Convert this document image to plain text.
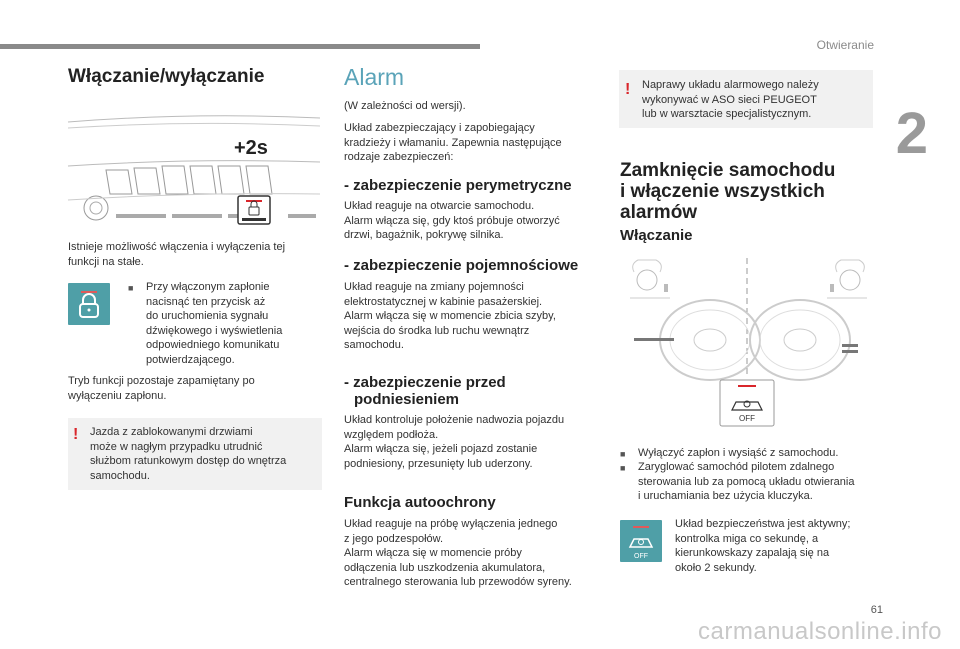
Otwieranie
2
61
carmanualsonline.info
Włączanie/wyłączanie
+2s

Istnieje możliwość włączenia i wyłączenia tej
funkcji na stałe.

■ Przy włączonym zapłonie
nacisnąć ten przycisk aż
do uruchomienia sygnału
dźwiękowego i wyświetlenia
odpowiedniego komunikatu
potwierdzającego.

Tryb funkcji pozostaje zapamiętany po
wyłączeniu zapłonu.

! Jazda z zablokowanymi drzwiami
może w nagłym przypadku utrudnić
służbom ratunkowym dostęp do wnętrza
samochodu.

Alarm

(W zależności od wersji).

Układ zabezpieczający i zapobiegający
kradzieży i włamaniu. Zapewnia następujące
rodzaje zabezpieczeń:

- zabezpieczenie perymetryczne

Układ reaguje na otwarcie samochodu.
Alarm włącza się, gdy ktoś próbuje otworzyć
drzwi, bagażnik, pokrywę silnika.

- zabezpieczenie pojemnościowe

Układ reaguje na zmiany pojemności
elektrostatycznej w kabinie pasażerskiej.
Alarm włącza się w momencie zbicia szyby,
wejścia do środka lub ruchu wewnątrz
samochodu.

- zabezpieczenie przed
podniesieniem

Układ kontroluje położenie nadwozia pojazdu
względem podłoża.
Alarm włącza się, jeżeli pojazd zostanie
podniesiony, przesunięty lub uderzony.

Funkcja autoochrony

Układ reaguje na próbę wyłączenia jednego
z jego podzespołów.
Alarm włącza się w momencie próby
odłączenia lub uszkodzenia akumulatora,
centralnego sterowania lub przewodów syreny.

! Naprawy układu alarmowego należy
wykonywać w ASO sieci PEUGEOT
lub w warsztacie specjalistycznym.

Zamknięcie samochodu
i włączenie wszystkich
alarmów
Włączanie
OFF
■ Wyłączyć zapłon i wysiąść z samochodu.

■ Zaryglować samochód pilotem zdalnego
sterowania lub za pomocą układu otwierania
i uruchamiania bez użycia kluczyka.

OFF

Układ bezpieczeństwa jest aktywny;
kontrolka miga co sekundę, a
kierunkowskazy zapalają się na
około 2 sekundy.
